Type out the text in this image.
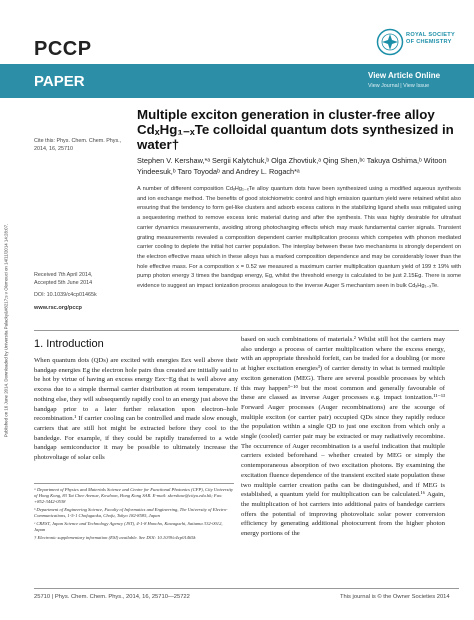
Published on 16 June 2014. Downloaded by Universita Palacky&#8217;s v Olomouci on 14/11/2014 14:28:07.
PCCP
ROYAL SOCIETY
OF CHEMISTRY
PAPER	View Article Online
View Journal | View Issue
Cite this: Phys. Chem. Chem. Phys., 2014, 16, 25710
Multiple exciton generation in cluster-free alloy CdₓHg₁₋ₓTe colloidal quantum dots synthesized in water†
Stephen V. Kershaw,*ᵃ Sergii Kalytchuk,ᵇ Olga Zhovtiuk,ᵃ Qing Shen,ᵇᶜ Takuya Oshima,ᵇ Witoon Yindeesuk,ᵇ Taro Toyodaᵇ and Andrey L. Rogach*ᵃ
A number of different composition CdₓHg₁₋ₓTe alloy quantum dots have been synthesized using a modified aqueous synthesis and ion exchange method. The benefits of good stoichiometric control and high emission quantum yield were retained whilst also ensuring that the tendency to form gel-like clusters and adsorb excess cations in the stabilizing ligand shells was mitigated using a sequestering method to remove excess ionic material during and after the synthesis. This was highly desirable for ultrafast carrier dynamics measurements, avoiding strong photocharging effects which may mask fundamental carrier signals. Transient grating measurements revealed a composition dependent carrier multiplication process which competes with phonon mediated carrier cooling to deplete the initial hot carrier population. The interplay between these two mechanisms is strongly dependent on the electron effective mass which in these alloys has a marked composition dependence and may be considerably lower than the hole effective mass. For a composition x = 0.52 we measured a maximum carrier multiplication quantum yield of 199 ± 19% with pump photon energy 3 times the bandgap energy, Eg, whilst the threshold energy is calculated to be just 2.15Eg. There is some evidence to suggest an impact ionization process analogous to the inverse Auger S mechanism seen in bulk CdₓHg₁₋ₓTe.
Received 7th April 2014,
Accepted 5th June 2014
DOI: 10.1039/c4cp01465k
www.rsc.org/pccp
1. Introduction
When quantum dots (QDs) are excited with energies Eex well above their bandgap energies Eg the electron hole pairs thus created are initially said to be hot by virtue of having an excess energy Eex−Eg that is well above any excess due to a simple thermal carrier distribution at room temperature. If nothing else, they will subsequently rapidly cool to an energy just above the bandgap prior to a later further relaxation upon electron–hole recombination.¹ If carrier cooling can be controlled and made slow enough, carriers that are still hot might be extracted before they cool to the bandedge. For example, if they could be rapidly transferred to a wide bandgap semiconductor it may be possible to ultimately increase the photovoltage of solar cells
based on such combinations of materials.² Whilst still hot the carriers may also undergo a process of carrier multiplication where the excess energy, with an appropriate threshold forfeit, can be traded for a doubling (or more at higher excitation energies³) of carrier density in what is termed multiple exciton generation (MEG). There are several possible processes by which this may happen³⁻¹⁰ but the most common and generally favourable of these are classed as inverse Auger processes e.g. impact ionization.¹¹⁻¹³ Forward Auger processes (Auger recombinations) are the scourge of multiple exciton (or carrier pair) occupied QDs since they rapidly reduce the population within a single QD to just one exciton from which only a single (cooled) carrier pair may be extracted or may radiatively recombine. The occurrence of Auger recombination is a useful indication that multiple carriers existed beforehand – whether created by MEG or simply the contemporaneous absorption of two excitation photons. By examining the excitation fluence dependence of the transient excited state population these two multiple carrier creation paths can be distinguished, and if MEG is established, a quantum yield for multiplication can be calculated.¹⁶ Again, the multiplication of hot carriers into additional pairs of bandedge carriers offers the potential of improving photovoltaic solar power conversion efficiency by generating additional photocurrent from the higher photon energy portions of the
ᵃ Department of Physics and Materials Science and Centre for Functional Photonics (CFP), City University of Hong Kong, 83 Tat Chee Avenue, Kowloon, Hong Kong SAR. E-mail: skershaw@cityu.edu.hk; Fax: +852-3442-0538
ᵇ Department of Engineering Science, Faculty of Informatics and Engineering, The University of Electro-Communications, 1-5-1 Chofugaoka, Chofu, Tokyo 182-8585, Japan
ᶜ CREST, Japan Science and Technology Agency (JST), 4-1-8 Honcho, Kawaguchi, Saitama 332-0012, Japan
† Electronic supplementary information (ESI) available. See DOI: 10.1039/c4cp01465k
25710 | Phys. Chem. Chem. Phys., 2014, 16, 25710—25722	This journal is © the Owner Societies 2014
